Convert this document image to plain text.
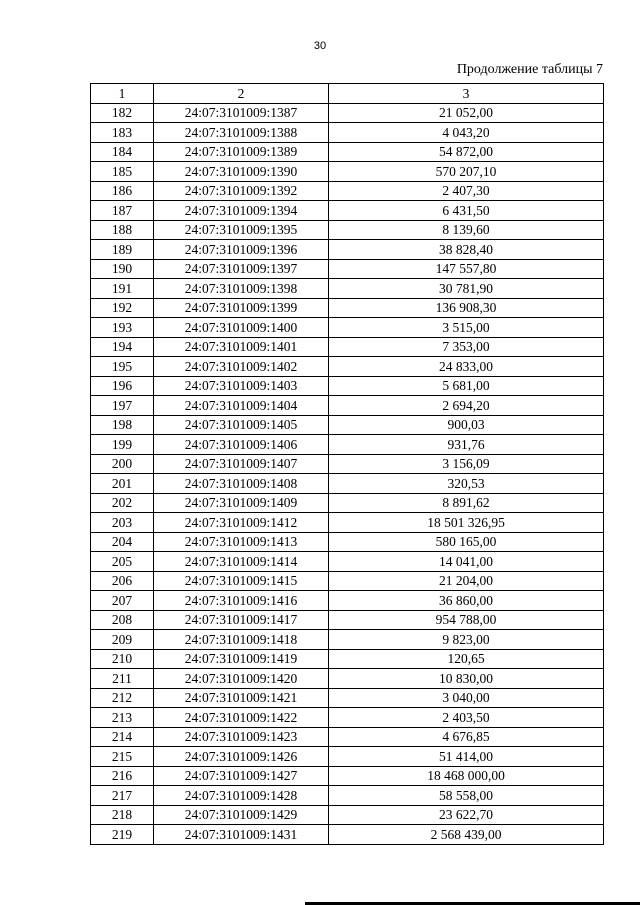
30
Продолжение таблицы 7
1	2	3
182	24:07:3101009:1387	21 052,00
183	24:07:3101009:1388	4 043,20
184	24:07:3101009:1389	54 872,00
185	24:07:3101009:1390	570 207,10
186	24:07:3101009:1392	2 407,30
187	24:07:3101009:1394	6 431,50
188	24:07:3101009:1395	8 139,60
189	24:07:3101009:1396	38 828,40
190	24:07:3101009:1397	147 557,80
191	24:07:3101009:1398	30 781,90
192	24:07:3101009:1399	136 908,30
193	24:07:3101009:1400	3 515,00
194	24:07:3101009:1401	7 353,00
195	24:07:3101009:1402	24 833,00
196	24:07:3101009:1403	5 681,00
197	24:07:3101009:1404	2 694,20
198	24:07:3101009:1405	900,03
199	24:07:3101009:1406	931,76
200	24:07:3101009:1407	3 156,09
201	24:07:3101009:1408	320,53
202	24:07:3101009:1409	8 891,62
203	24:07:3101009:1412	18 501 326,95
204	24:07:3101009:1413	580 165,00
205	24:07:3101009:1414	14 041,00
206	24:07:3101009:1415	21 204,00
207	24:07:3101009:1416	36 860,00
208	24:07:3101009:1417	954 788,00
209	24:07:3101009:1418	9 823,00
210	24:07:3101009:1419	120,65
211	24:07:3101009:1420	10 830,00
212	24:07:3101009:1421	3 040,00
213	24:07:3101009:1422	2 403,50
214	24:07:3101009:1423	4 676,85
215	24:07:3101009:1426	51 414,00
216	24:07:3101009:1427	18 468 000,00
217	24:07:3101009:1428	58 558,00
218	24:07:3101009:1429	23 622,70
219	24:07:3101009:1431	2 568 439,00
